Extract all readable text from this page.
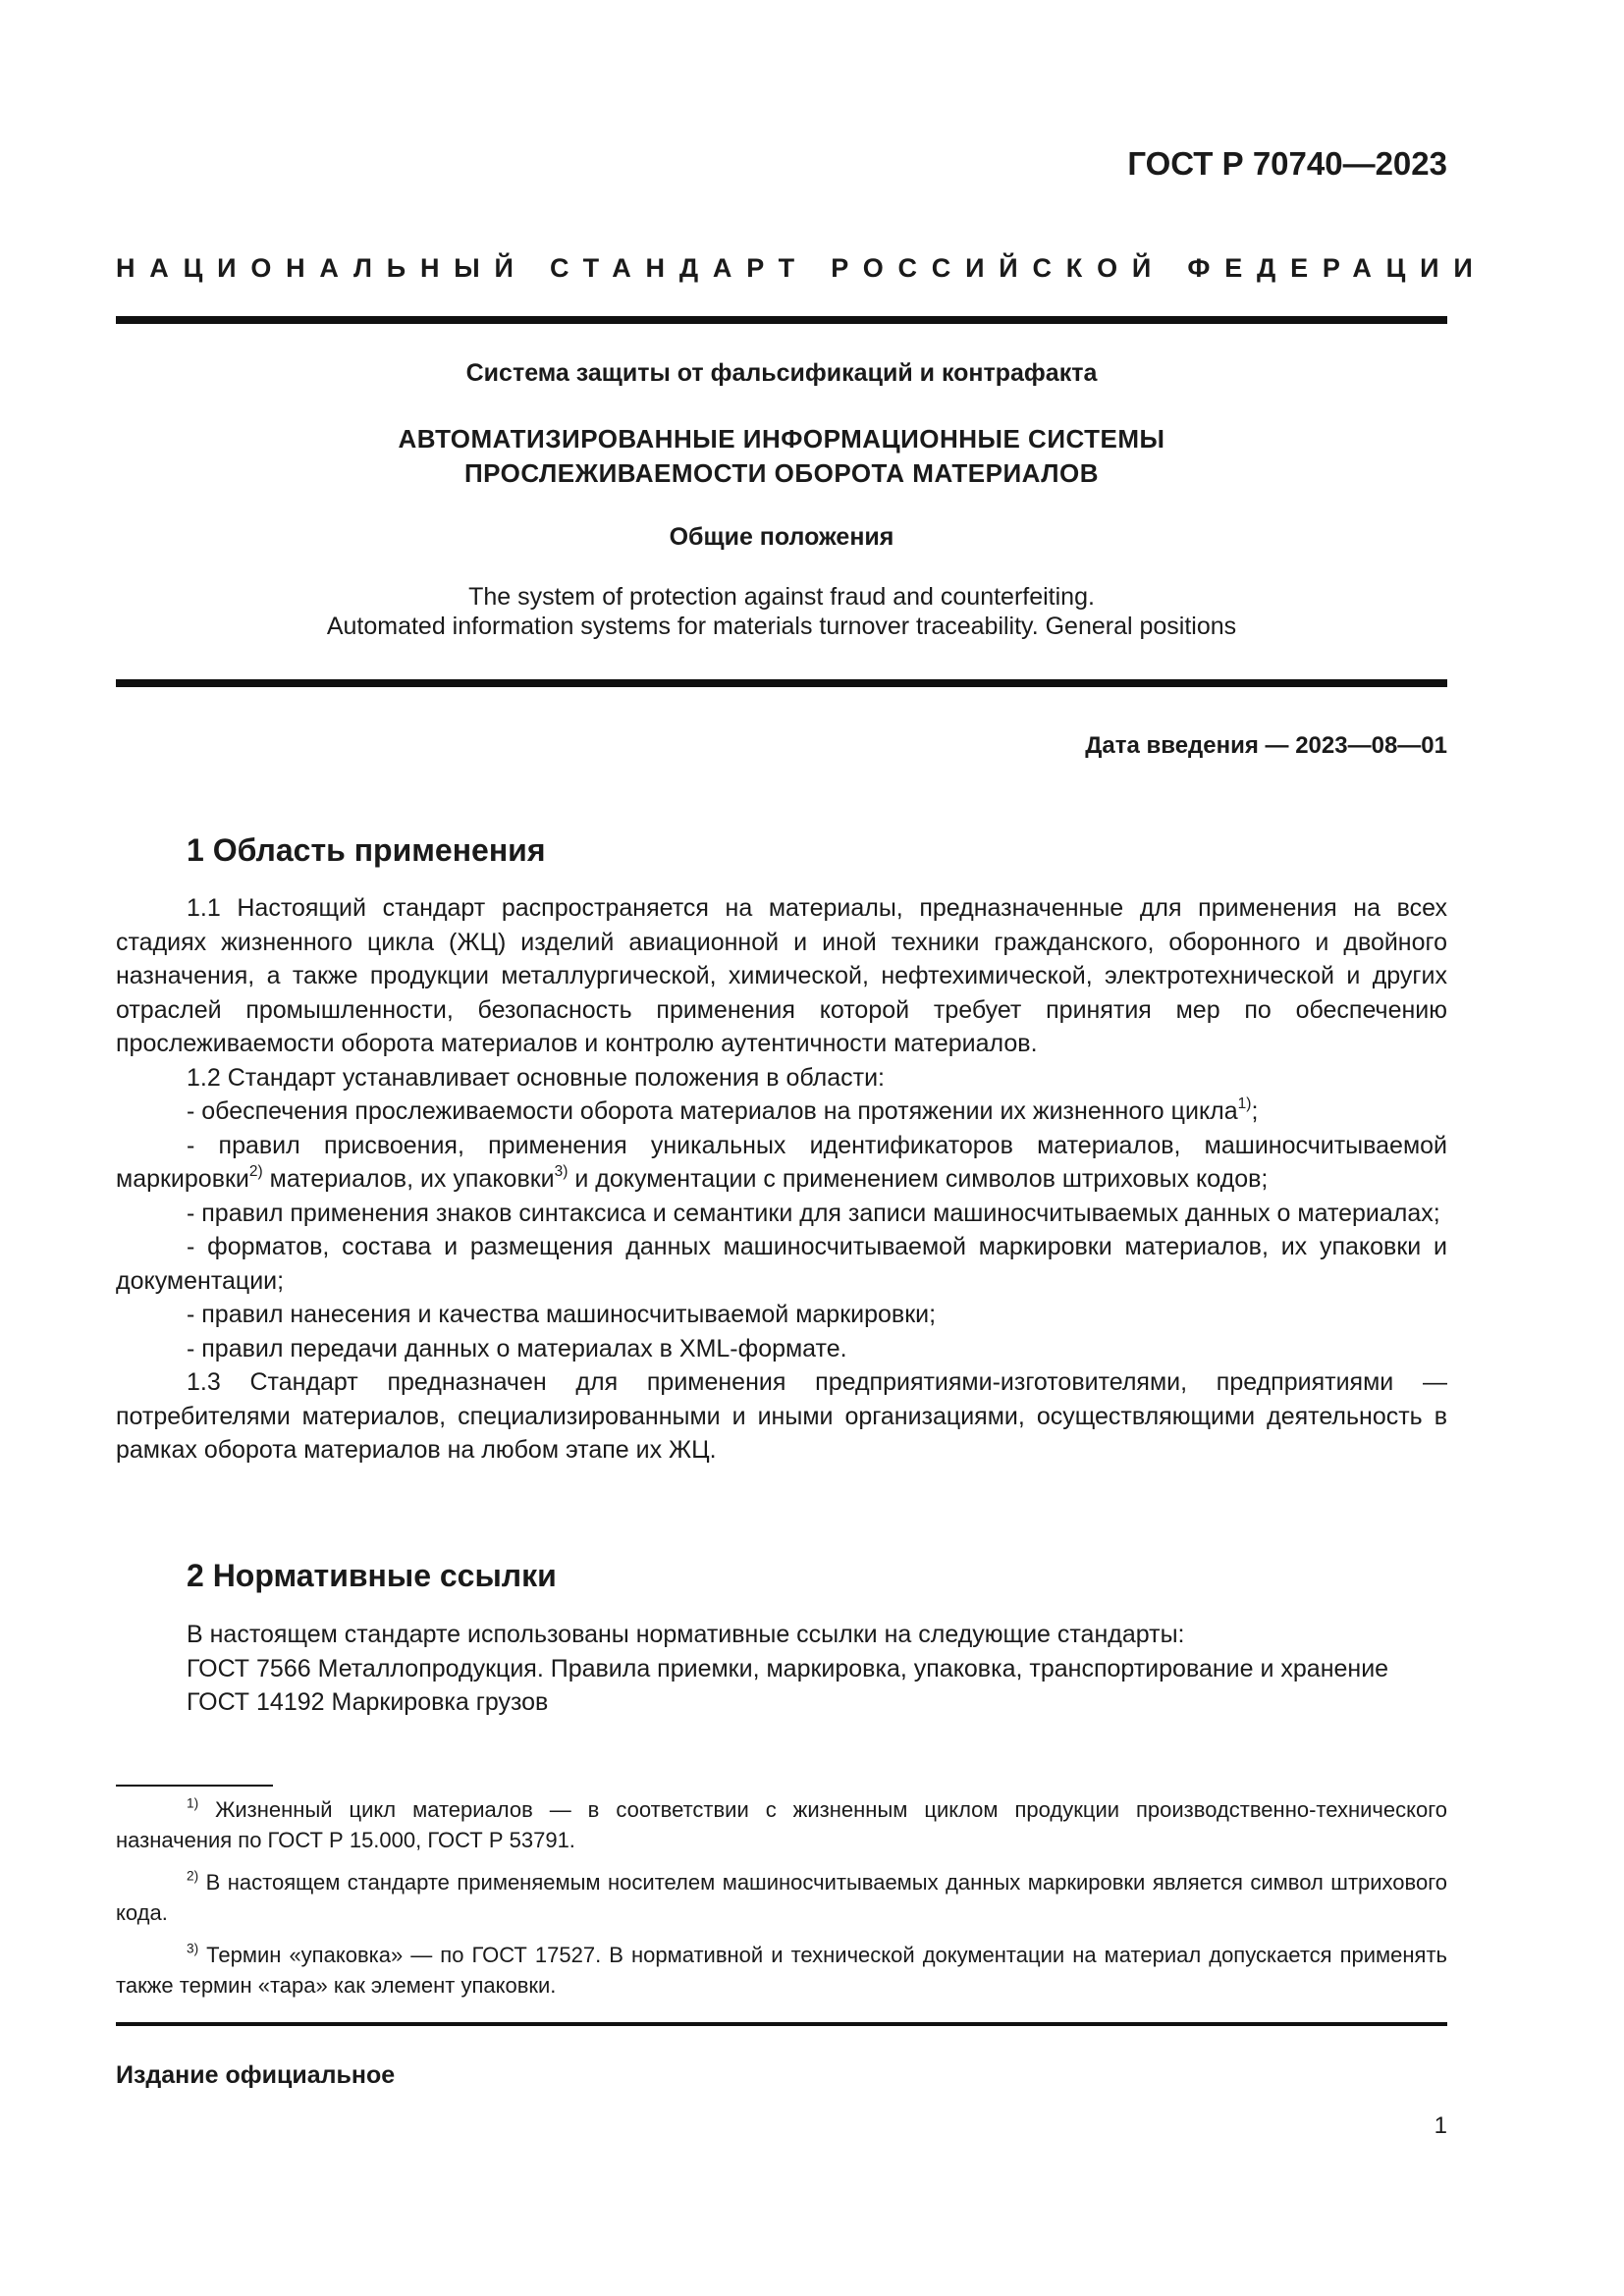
ГОСТ Р 70740—2023
НАЦИОНАЛЬНЫЙ СТАНДАРТ РОССИЙСКОЙ ФЕДЕРАЦИИ
Система защиты от фальсификаций и контрафакта
АВТОМАТИЗИРОВАННЫЕ ИНФОРМАЦИОННЫЕ СИСТЕМЫ
ПРОСЛЕЖИВАЕМОСТИ ОБОРОТА МАТЕРИАЛОВ
Общие положения
The system of protection against fraud and counterfeiting.
Automated information systems for materials turnover traceability. General positions
Дата введения — 2023—08—01
1 Область применения

1.1 Настоящий стандарт распространяется на материалы, предназначенные для применения на всех стадиях жизненного цикла (ЖЦ) изделий авиационной и иной техники гражданского, оборонного и двойного назначения, а также продукции металлургической, химической, нефтехимической, электротехнической и других отраслей промышленности, безопасность применения которой требует принятия мер по обеспечению прослеживаемости оборота материалов и контролю аутентичности материалов.

1.2 Стандарт устанавливает основные положения в области:

- обеспечения прослеживаемости оборота материалов на протяжении их жизненного цикла$^{1)}$;

- правил присвоения, применения уникальных идентификаторов материалов, машиносчитываемой маркировки$^{2)}$ материалов, их упаковки$^{3)}$ и документации с применением символов штриховых кодов;

- правил применения знаков синтаксиса и семантики для записи машиносчитываемых данных о материалах;

- форматов, состава и размещения данных машиносчитываемой маркировки материалов, их упаковки и документации;

- правил нанесения и качества машиносчитываемой маркировки;

- правил передачи данных о материалах в XML-формате.

1.3 Стандарт предназначен для применения предприятиями-изготовителями, предприятиями — потребителями материалов, специализированными и иными организациями, осуществляющими деятельность в рамках оборота материалов на любом этапе их ЖЦ.

2 Нормативные ссылки

В настоящем стандарте использованы нормативные ссылки на следующие стандарты:

ГОСТ 7566 Металлопродукция. Правила приемки, маркировка, упаковка, транспортирование и хранение

ГОСТ 14192 Маркировка грузов

$^{1)}$ Жизненный цикл материалов — в соответствии с жизненным циклом продукции производственно-технического назначения по ГОСТ Р 15.000, ГОСТ Р 53791.

$^{2)}$ В настоящем стандарте применяемым носителем машиносчитываемых данных маркировки является символ штрихового кода.

$^{3)}$ Термин «упаковка» — по ГОСТ 17527. В нормативной и технической документации на материал допускается применять также термин «тара» как элемент упаковки.

Издание официальное
1
